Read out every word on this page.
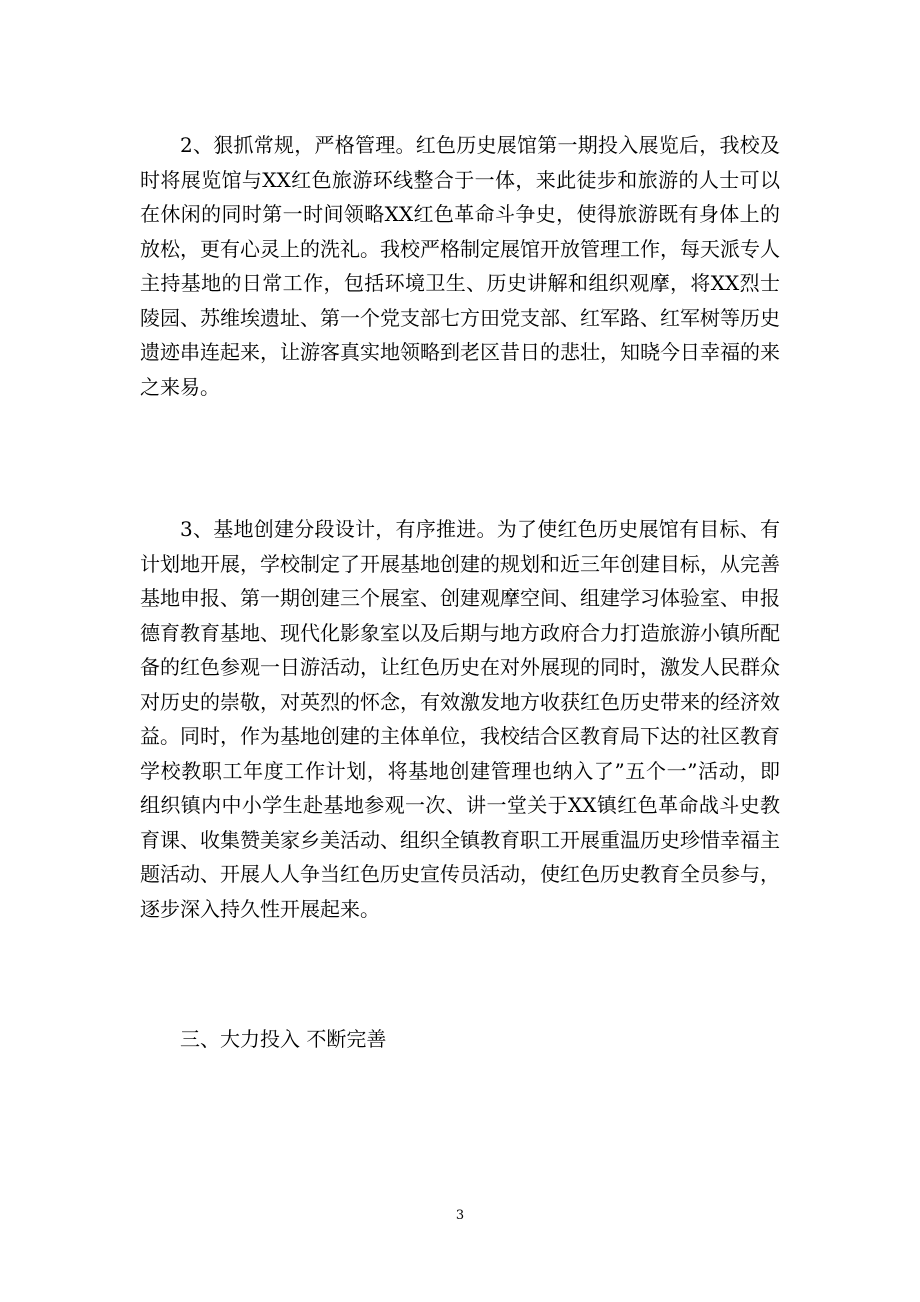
2、狠抓常规，严格管理。红色历史展馆第一期投入展览后，我校及时将展览馆与XX红色旅游环线整合于一体，来此徒步和旅游的人士可以在休闲的同时第一时间领略XX红色革命斗争史，使得旅游既有身体上的放松，更有心灵上的洗礼。我校严格制定展馆开放管理工作，每天派专人主持基地的日常工作，包括环境卫生、历史讲解和组织观摩，将XX烈士陵园、苏维埃遗址、第一个党支部七方田党支部、红军路、红军树等历史遗迹串连起来，让游客真实地领略到老区昔日的悲壮，知晓今日幸福的来之来易。

3、基地创建分段设计，有序推进。为了使红色历史展馆有目标、有计划地开展，学校制定了开展基地创建的规划和近三年创建目标，从完善基地申报、第一期创建三个展室、创建观摩空间、组建学习体验室、申报德育教育基地、现代化影象室以及后期与地方政府合力打造旅游小镇所配备的红色参观一日游活动，让红色历史在对外展现的同时，激发人民群众对历史的崇敬，对英烈的怀念，有效激发地方收获红色历史带来的经济效益。同时，作为基地创建的主体单位，我校结合区教育局下达的社区教育学校教职工年度工作计划，将基地创建管理也纳入了”五个一”活动，即组织镇内中小学生赴基地参观一次、讲一堂关于XX镇红色革命战斗史教育课、收集赞美家乡美活动、组织全镇教育职工开展重温历史珍惜幸福主题活动、开展人人争当红色历史宣传员活动，使红色历史教育全员参与，逐步深入持久性开展起来。

三、大力投入 不断完善

3
